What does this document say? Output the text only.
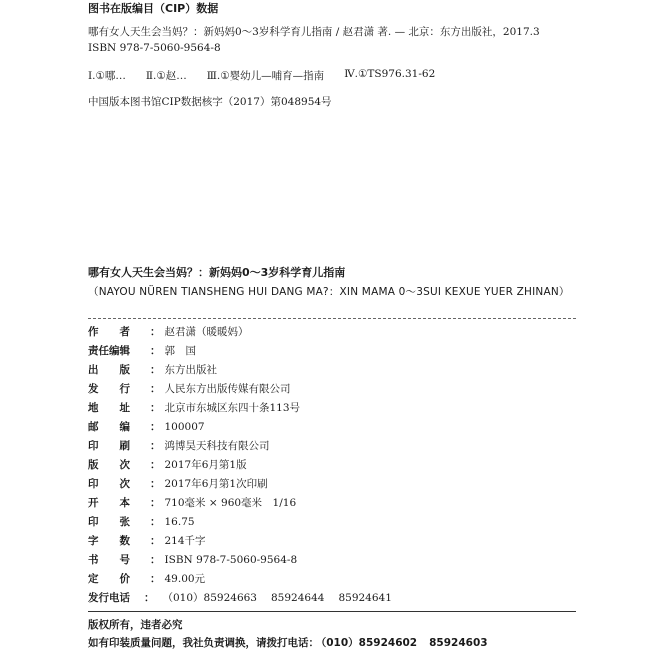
图书在版编目（CIP）数据
哪有女人天生会当妈？：新妈妈0～3岁科学育儿指南 / 赵君潇 著. — 北京：东方出版社，2017.3
ISBN 978-7-5060-9564-8
Ⅰ.①哪… Ⅱ.①赵… Ⅲ.①婴幼儿—哺育—指南 Ⅳ.①TS976.31-62
中国版本图书馆CIP数据核字（2017）第048954号
哪有女人天生会当妈？：新妈妈0～3岁科学育儿指南
（NAYOU NÜREN TIANSHENG HUI DANG MA?：XIN MAMA 0～3SUI KEXUE YUER ZHINAN）
作　　者	： 赵君潇（暖暖妈）
责任编辑	： 郭　国
出　　版	： 东方出版社
发　　行	： 人民东方出版传媒有限公司
地　　址	： 北京市东城区东四十条113号
邮　　编	： 100007
印　　刷	： 鸿博昊天科技有限公司
版　　次	： 2017年6月第1版
印　　次	： 2017年6月第1次印刷
开　　本	： 710毫米 × 960毫米　1/16
印　　张	： 16.75
字　　数	： 214千字
书　　号	： ISBN 978-7-5060-9564-8
定　　价	： 49.00元
发行电话 ： （010）85924663 85924644 85924641
版权所有，违者必究
如有印装质量问题，我社负责调换，请拨打电话： （010）85924602 85924603
